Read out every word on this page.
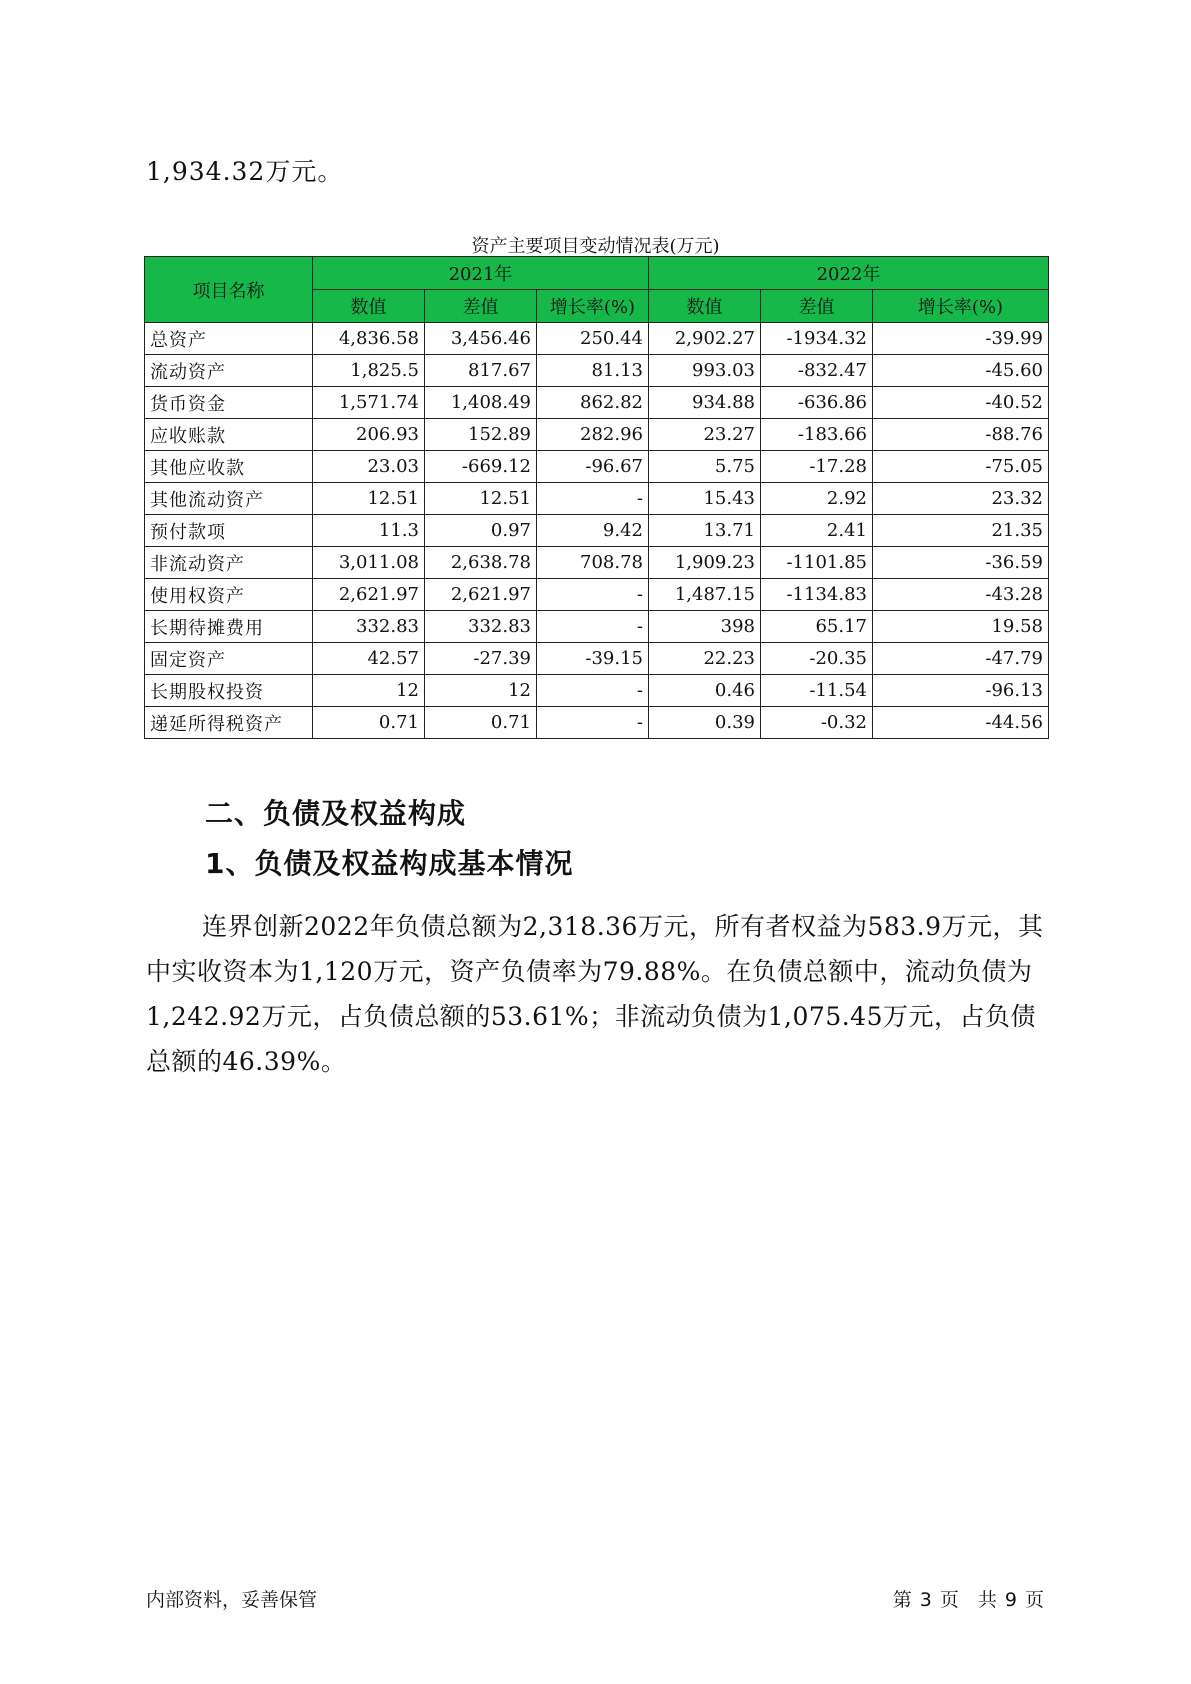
1,934.32万元。
资产主要项目变动情况表(万元)
项目名称	2021年			2022年		
	数值	差值	增长率(%)	数值	差值	增长率(%)
总资产	4,836.58	3,456.46	250.44	2,902.27	-1934.32	-39.99
流动资产	1,825.5	817.67	81.13	993.03	-832.47	-45.60
货币资金	1,571.74	1,408.49	862.82	934.88	-636.86	-40.52
应收账款	206.93	152.89	282.96	23.27	-183.66	-88.76
其他应收款	23.03	-669.12	-96.67	5.75	-17.28	-75.05
其他流动资产	12.51	12.51	-	15.43	2.92	23.32
预付款项	11.3	0.97	9.42	13.71	2.41	21.35
非流动资产	3,011.08	2,638.78	708.78	1,909.23	-1101.85	-36.59
使用权资产	2,621.97	2,621.97	-	1,487.15	-1134.83	-43.28
长期待摊费用	332.83	332.83	-	398	65.17	19.58
固定资产	42.57	-27.39	-39.15	22.23	-20.35	-47.79
长期股权投资	12	12	-	0.46	-11.54	-96.13
递延所得税资产	0.71	0.71	-	0.39	-0.32	-44.56
二、负债及权益构成
1、负债及权益构成基本情况
连界创新2022年负债总额为2,318.36万元，所有者权益为583.9万元，其中实收资本为1,120万元，资产负债率为79.88%。在负债总额中，流动负债为1,242.92万元，占负债总额的53.61%；非流动负债为1,075.45万元，占负债总额的46.39%。
内部资料，妥善保管	第 3 页　共 9 页
